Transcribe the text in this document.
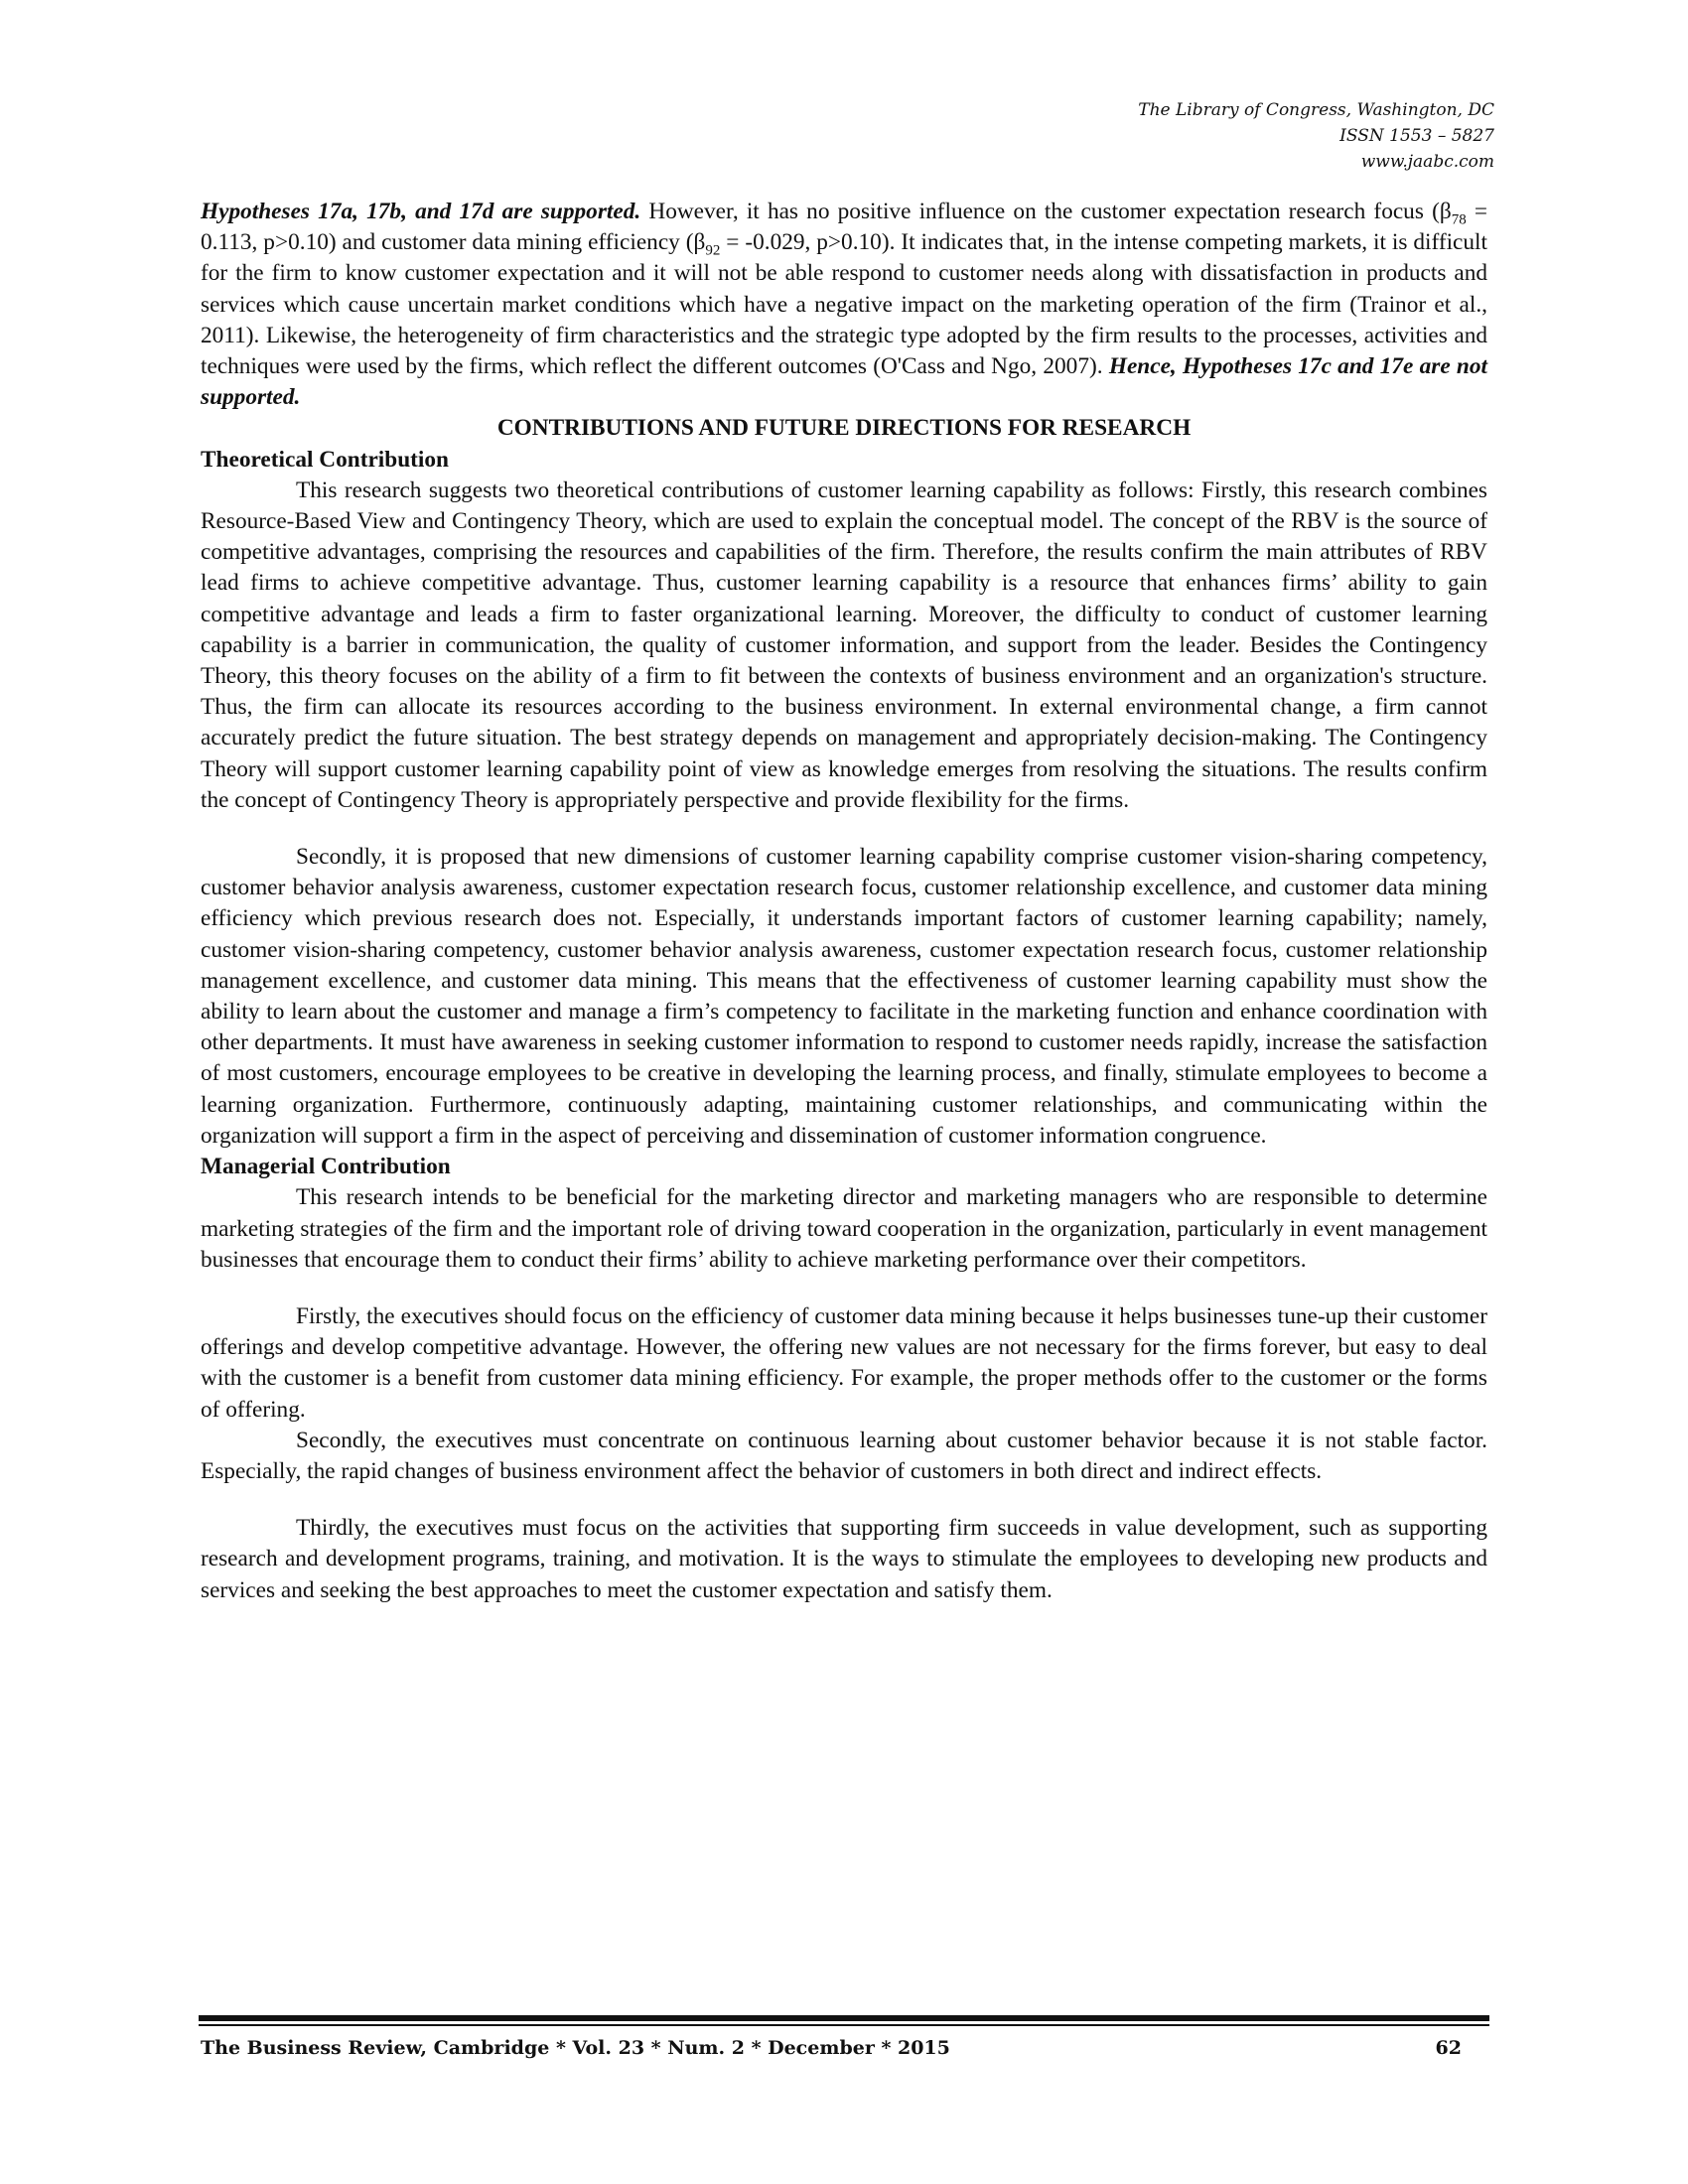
The Library of Congress, Washington, DC
ISSN 1553 – 5827
www.jaabc.com

Hypotheses 17a, 17b, and 17d are supported. However, it has no positive influence on the customer expectation research focus ($\beta_{78} = 0.113$, p>0.10) and customer data mining efficiency ($\beta_{92} = -0.029$, p>0.10). It indicates that, in the intense competing markets, it is difficult for the firm to know customer expectation and it will not be able respond to customer needs along with dissatisfaction in products and services which cause uncertain market conditions which have a negative impact on the marketing operation of the firm (Trainor et al., 2011). Likewise, the heterogeneity of firm characteristics and the strategic type adopted by the firm results to the processes, activities and techniques were used by the firms, which reflect the different outcomes (O'Cass and Ngo, 2007). Hence, Hypotheses 17c and 17e are not supported.

CONTRIBUTIONS AND FUTURE DIRECTIONS FOR RESEARCH

Theoretical Contribution

This research suggests two theoretical contributions of customer learning capability as follows: Firstly, this research combines Resource-Based View and Contingency Theory, which are used to explain the conceptual model. The concept of the RBV is the source of competitive advantages, comprising the resources and capabilities of the firm. Therefore, the results confirm the main attributes of RBV lead firms to achieve competitive advantage. Thus, customer learning capability is a resource that enhances firms’ ability to gain competitive advantage and leads a firm to faster organizational learning. Moreover, the difficulty to conduct of customer learning capability is a barrier in communication, the quality of customer information, and support from the leader. Besides the Contingency Theory, this theory focuses on the ability of a firm to fit between the contexts of business environment and an organization's structure. Thus, the firm can allocate its resources according to the business environment. In external environmental change, a firm cannot accurately predict the future situation. The best strategy depends on management and appropriately decision-making. The Contingency Theory will support customer learning capability point of view as knowledge emerges from resolving the situations. The results confirm the concept of Contingency Theory is appropriately perspective and provide flexibility for the firms.

Secondly, it is proposed that new dimensions of customer learning capability comprise customer vision-sharing competency, customer behavior analysis awareness, customer expectation research focus, customer relationship excellence, and customer data mining efficiency which previous research does not. Especially, it understands important factors of customer learning capability; namely, customer vision-sharing competency, customer behavior analysis awareness, customer expectation research focus, customer relationship management excellence, and customer data mining. This means that the effectiveness of customer learning capability must show the ability to learn about the customer and manage a firm’s competency to facilitate in the marketing function and enhance coordination with other departments. It must have awareness in seeking customer information to respond to customer needs rapidly, increase the satisfaction of most customers, encourage employees to be creative in developing the learning process, and finally, stimulate employees to become a learning organization. Furthermore, continuously adapting, maintaining customer relationships, and communicating within the organization will support a firm in the aspect of perceiving and dissemination of customer information congruence.

Managerial Contribution

This research intends to be beneficial for the marketing director and marketing managers who are responsible to determine marketing strategies of the firm and the important role of driving toward cooperation in the organization, particularly in event management businesses that encourage them to conduct their firms’ ability to achieve marketing performance over their competitors.

Firstly, the executives should focus on the efficiency of customer data mining because it helps businesses tune-up their customer offerings and develop competitive advantage. However, the offering new values are not necessary for the firms forever, but easy to deal with the customer is a benefit from customer data mining efficiency. For example, the proper methods offer to the customer or the forms of offering.

Secondly, the executives must concentrate on continuous learning about customer behavior because it is not stable factor. Especially, the rapid changes of business environment affect the behavior of customers in both direct and indirect effects.

Thirdly, the executives must focus on the activities that supporting firm succeeds in value development, such as supporting research and development programs, training, and motivation. It is the ways to stimulate the employees to developing new products and services and seeking the best approaches to meet the customer expectation and satisfy them.

The Business Review, Cambridge * Vol. 23 * Num. 2 * December * 2015	62
